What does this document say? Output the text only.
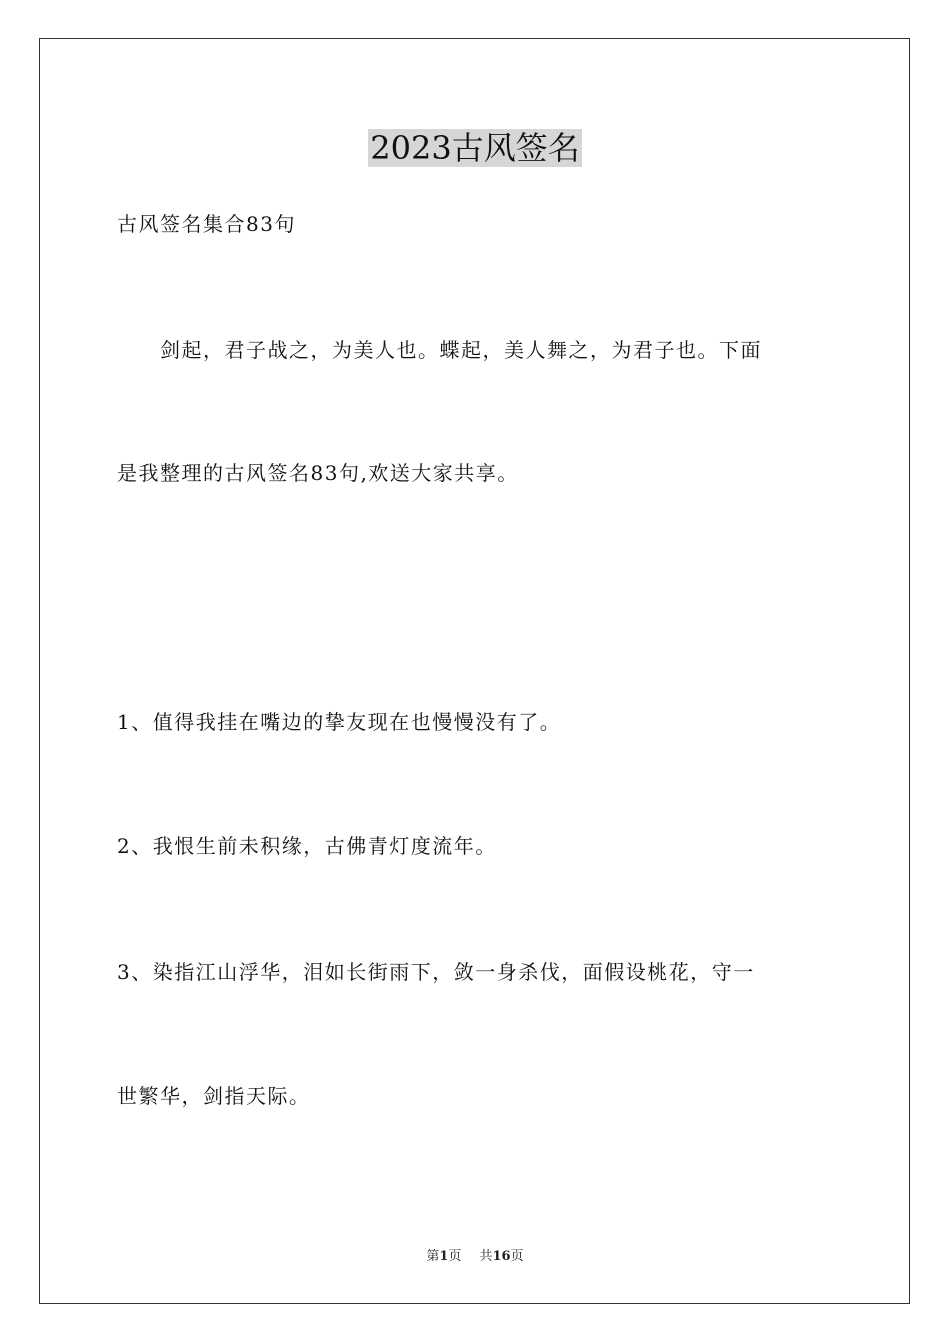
2023古风签名
古风签名集合83句
　　剑起，君子战之，为美人也。蝶起，美人舞之，为君子也。下面
是我整理的古风签名83句,欢送大家共享。
1、值得我挂在嘴边的挚友现在也慢慢没有了。
2、我恨生前未积缘，古佛青灯度流年。
3、染指江山浮华，泪如长街雨下，敛一身杀伐，面假设桃花，守一
世繁华，剑指天际。
第1页 共16页
